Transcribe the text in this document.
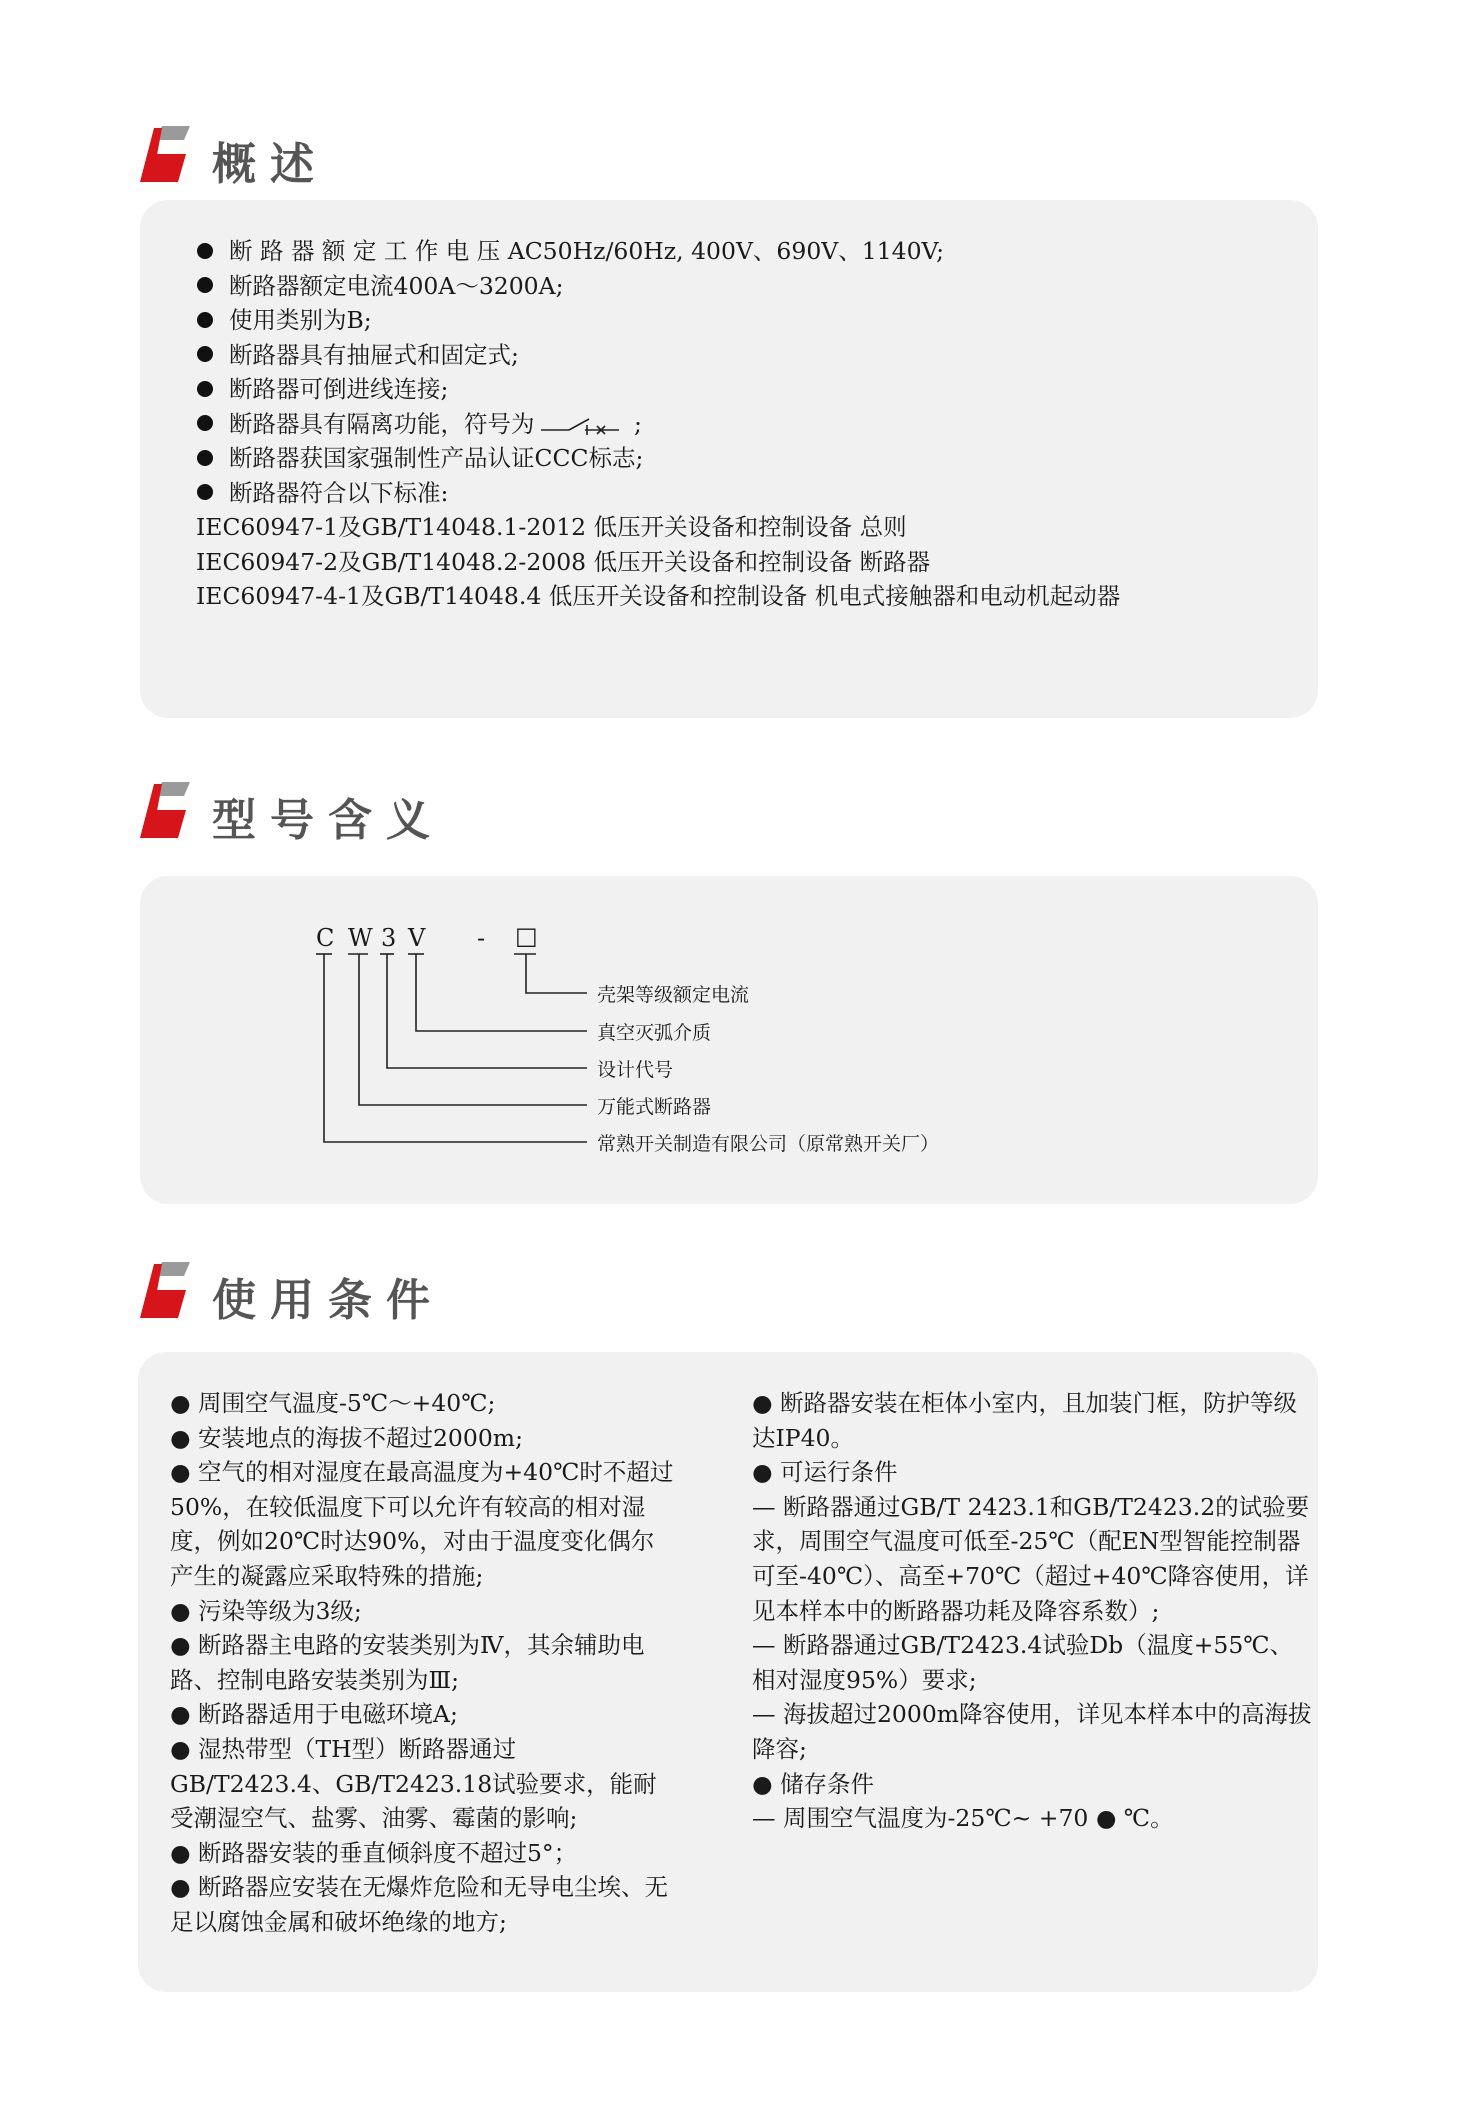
概述
断 路 器 额 定 工 作 电 压 AC50Hz/60Hz, 400V、690V、1140V;
断路器额定电流400A～3200A;
使用类别为B;
断路器具有抽屉式和固定式;
断路器可倒进线连接;
断路器具有隔离功能，符号为	;
断路器获国家强制性产品认证CCC标志;
断路器符合以下标准:
IEC60947-1及GB/T14048.1-2012 低压开关设备和控制设备 总则
IEC60947-2及GB/T14048.2-2008 低压开关设备和控制设备 断路器
IEC60947-4-1及GB/T14048.4 低压开关设备和控制设备 机电式接触器和电动机起动器
型号含义
C W 3 V - □
壳架等级额定电流
真空灭弧介质
设计代号
万能式断路器
常熟开关制造有限公司（原常熟开关厂）
使用条件

● 周围空气温度-5℃～+40℃;

● 安装地点的海拔不超过2000m;

● 空气的相对湿度在最高温度为+40℃时不超过50%，在较低温度下可以允许有较高的相对湿度，例如20℃时达90%，对由于温度变化偶尔产生的凝露应采取特殊的措施;

● 污染等级为3级;

● 断路器主电路的安装类别为Ⅳ，其余辅助电路、控制电路安装类别为Ⅲ;

● 断路器适用于电磁环境A;

● 湿热带型（TH型）断路器通过GB/T2423.4、GB/T2423.18试验要求，能耐受潮湿空气、盐雾、油雾、霉菌的影响;

● 断路器安装的垂直倾斜度不超过5°；

● 断路器应安装在无爆炸危险和无导电尘埃、无足以腐蚀金属和破坏绝缘的地方;

● 断路器安装在柜体小室内，且加装门框，防护等级达IP40。

● 可运行条件

— 断路器通过GB/T 2423.1和GB/T2423.2的试验要求，周围空气温度可低至-25℃（配EN型智能控制器可至-40℃）、高至+70℃（超过+40℃降容使用，详见本样本中的断路器功耗及降容系数）;

— 断路器通过GB/T2423.4试验Db（温度+55℃、相对湿度95%）要求;

— 海拔超过2000m降容使用，详见本样本中的高海拔降容;

● 储存条件

— 周围空气温度为-25℃~ +70 ● ℃。
